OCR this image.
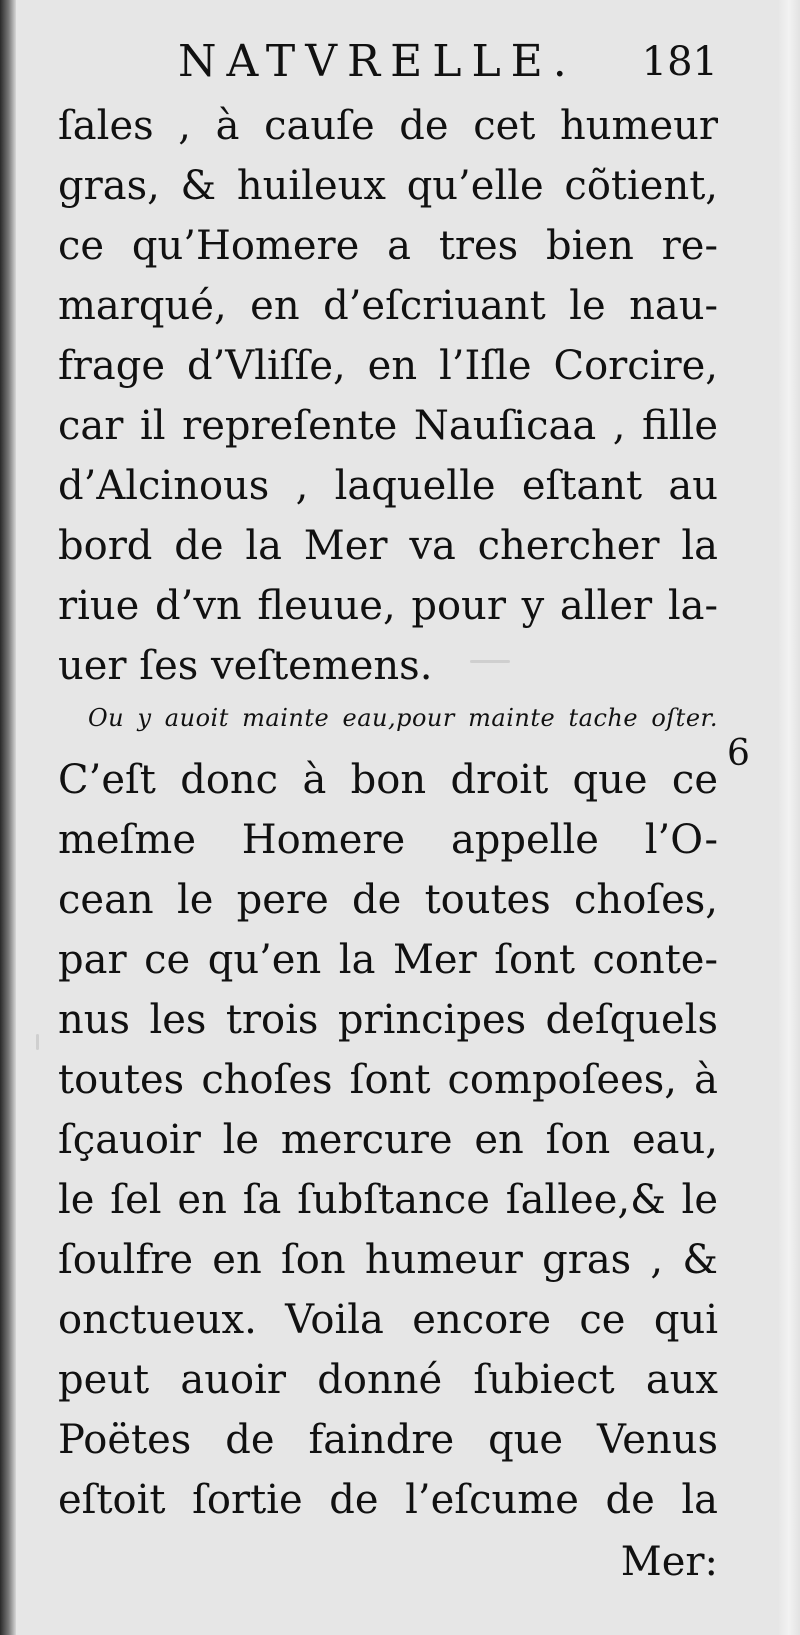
NATVRELLE. 181
ſales , à cauſe de cet humeur
gras, & huileux qu’elle cõtient,
ce qu’Homere a tres bien re-
marqué, en d’eſcriuant le nau-
frage d’Vliſſe, en l’Iſle Corcire,
car il repreſente Nauſicaa , fille
d’Alcinous , laquelle eſtant au
bord de la Mer va chercher la
riue d’vn fleuue, pour y aller la-
uer ſes veſtemens.
Ou y auoit mainte eau,pour mainte tache oſter.
C’eſt donc à bon droit que ce
meſme Homere appelle l’O-
cean le pere de toutes choſes,
par ce qu’en la Mer ſont conte-
nus les trois principes deſquels
toutes choſes ſont compoſees, à
ſçauoir le mercure en ſon eau,
le ſel en ſa ſubſtance ſallee,& le
ſoulfre en ſon humeur gras , &
onctueux. Voila encore ce qui
peut auoir donné ſubiect aux
Poëtes de faindre que Venus
eſtoit ſortie de l’eſcume de la
Mer:
6
